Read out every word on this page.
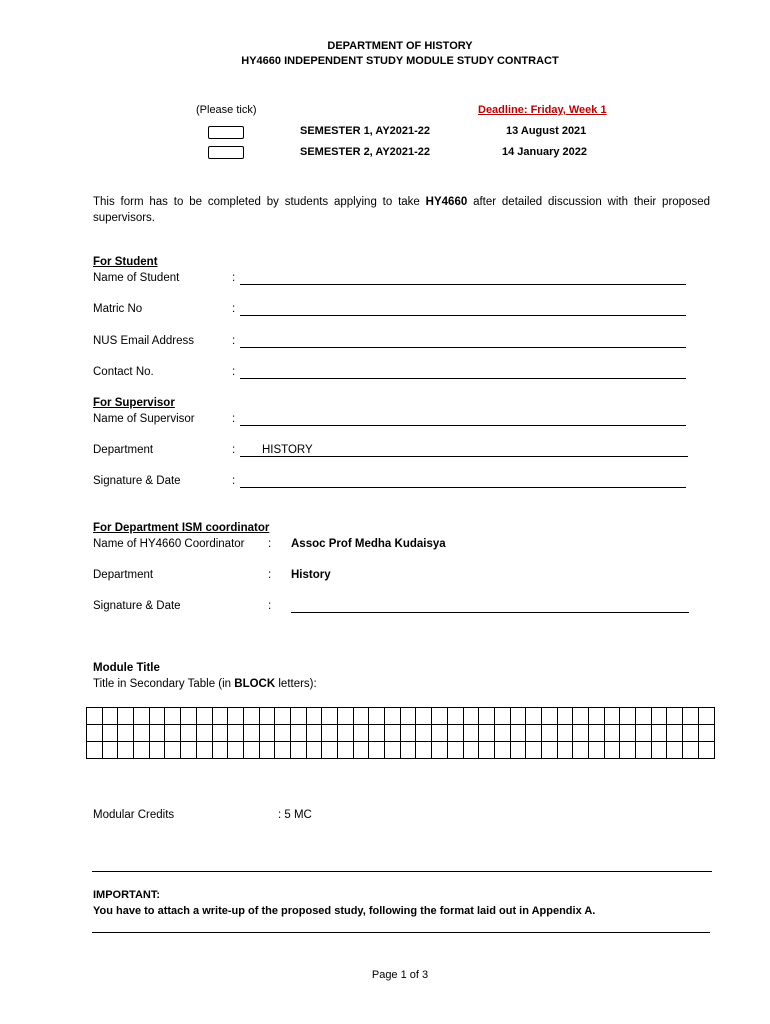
DEPARTMENT OF HISTORY
HY4660 INDEPENDENT STUDY MODULE STUDY CONTRACT
(Please tick)	Deadline: Friday, Week 1
SEMESTER 1, AY2021-22	13 August 2021
SEMESTER 2, AY2021-22	14 January 2022
This form has to be completed by students applying to take HY4660 after detailed discussion with their proposed supervisors.
For Student
Name of Student	:
Matric No	:
NUS Email Address	:
Contact No.	:
For Supervisor
Name of Supervisor	:
Department	: HISTORY
Signature & Date	:
For Department ISM coordinator
Name of HY4660 Coordinator : Assoc Prof Medha Kudaisya
Department	: History
Signature & Date	:
Module Title
Title in Secondary Table (in BLOCK letters):

Modular Credits	: 5 MC
IMPORTANT:
You have to attach a write-up of the proposed study, following the format laid out in Appendix A.
Page 1 of 3
